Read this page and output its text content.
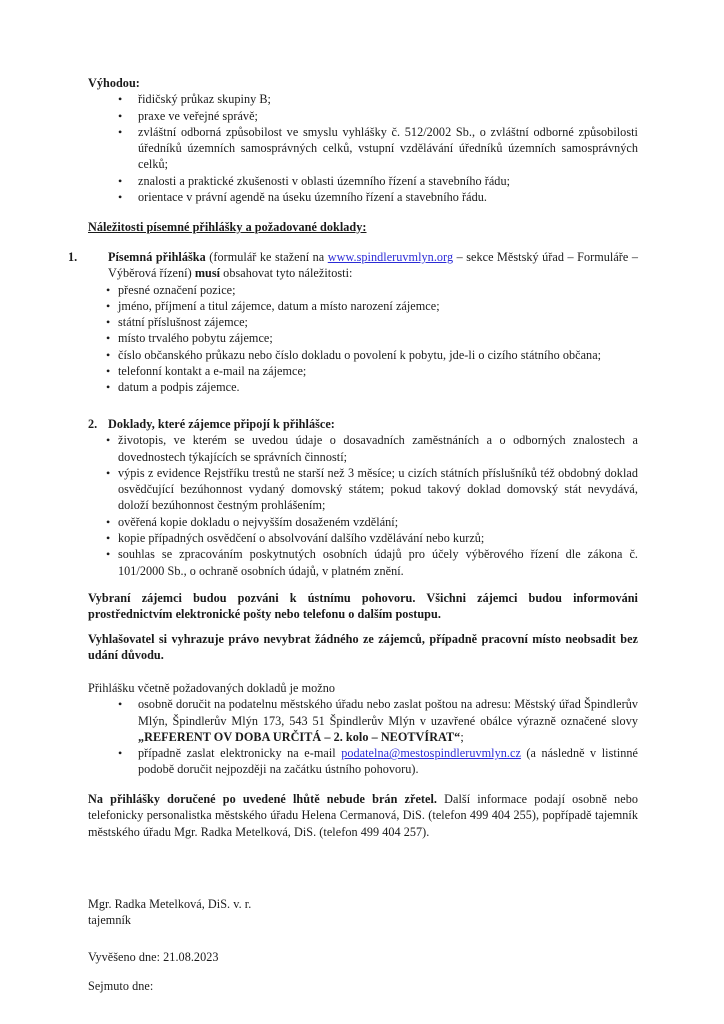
Výhodou:
• řidičský průkaz skupiny B;
• praxe ve veřejné správě;
• zvláštní odborná způsobilost ve smyslu vyhlášky č. 512/2002 Sb., o zvláštní odborné způsobilosti úředníků územních samosprávných celků, vstupní vzdělávání úředníků územních samosprávných celků;
• znalosti a praktické zkušenosti v oblasti územního řízení a stavebního řádu;
• orientace v právní agendě na úseku územního řízení a stavebního řádu.
Náležitosti písemné přihlášky a požadované doklady:
1.	Písemná přihláška (formulář ke stažení na www.spindleruvmlyn.org – sekce Městský úřad – Formuláře – Výběrová řízení) musí obsahovat tyto náležitosti:
• přesné označení pozice;
• jméno, příjmení a titul zájemce, datum a místo narození zájemce;
• státní příslušnost zájemce;
• místo trvalého pobytu zájemce;
• číslo občanského průkazu nebo číslo dokladu o povolení k pobytu, jde-li o cizího státního občana;
• telefonní kontakt a e-mail na zájemce;
• datum a podpis zájemce.
2. Doklady, které zájemce připojí k přihlášce:
• životopis, ve kterém se uvedou údaje o dosavadních zaměstnáních a o odborných znalostech a dovednostech týkajících se správních činností;
• výpis z evidence Rejstříku trestů ne starší než 3 měsíce; u cizích státních příslušníků též obdobný doklad osvědčující bezúhonnost vydaný domovský státem; pokud takový doklad domovský stát nevydává, doloží bezúhonnost čestným prohlášením;
• ověřená kopie dokladu o nejvyšším dosaženém vzdělání;
• kopie případných osvědčení o absolvování dalšího vzdělávání nebo kurzů;
• souhlas se zpracováním poskytnutých osobních údajů pro účely výběrového řízení dle zákona č. 101/2000 Sb., o ochraně osobních údajů, v platném znění.
Vybraní zájemci budou pozváni k ústnímu pohovoru. Všichni zájemci budou informováni prostřednictvím elektronické pošty nebo telefonu o dalším postupu.
Vyhlašovatel si vyhrazuje právo nevybrat žádného ze zájemců, případně pracovní místo neobsadit bez udání důvodu.
Přihlášku včetně požadovaných dokladů je možno
• osobně doručit na podatelnu městského úřadu nebo zaslat poštou na adresu: Městský úřad Špindlerův Mlýn, Špindlerův Mlýn 173, 543 51 Špindlerův Mlýn v uzavřené obálce výrazně označené slovy „REFERENT OV DOBA URČITÁ – 2. kolo – NEOTVÍRAT“;
• případně zaslat elektronicky na e-mail podatelna@mestospindleruvmlyn.cz (a následně v listinné podobě doručit nejpozději na začátku ústního pohovoru).
Na přihlášky doručené po uvedené lhůtě nebude brán zřetel. Další informace podají osobně nebo telefonicky personalistka městského úřadu Helena Cermanová, DiS. (telefon 499 404 255), popřípadě tajemník městského úřadu Mgr. Radka Metelková, DiS. (telefon 499 404 257).
Mgr. Radka Metelková, DiS. v. r.
tajemník
Vyvěšeno dne: 21.08.2023
Sejmuto dne:
